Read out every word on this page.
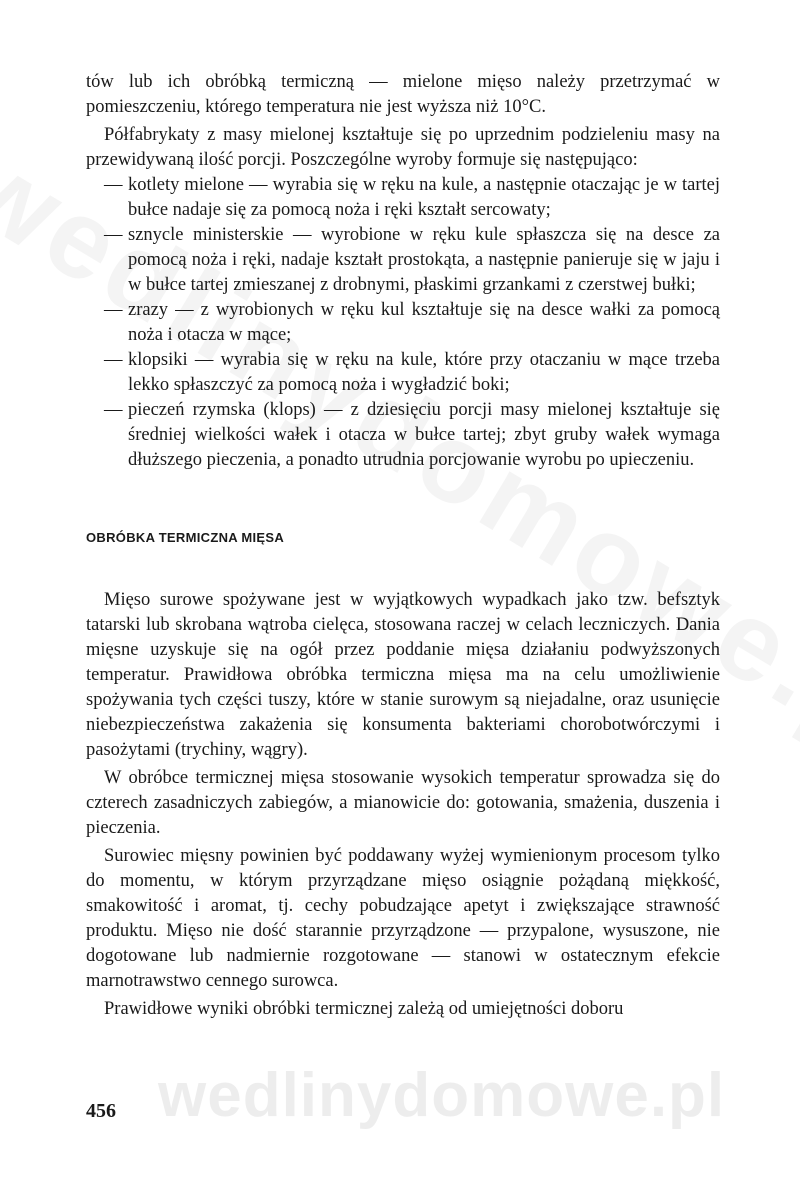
tów lub ich obróbką termiczną — mielone mięso należy przetrzymać w pomieszczeniu, którego temperatura nie jest wyższa niż 10°C.

Półfabrykaty z masy mielonej kształtuje się po uprzednim podzieleniu masy na przewidywaną ilość porcji. Poszczególne wyroby formuje się następująco:

— kotlety mielone — wyrabia się w ręku na kule, a następnie otaczając je w tartej bułce nadaje się za pomocą noża i ręki kształt sercowaty;
— sznycle ministerskie — wyrobione w ręku kule spłaszcza się na desce za pomocą noża i ręki, nadaje kształt prostokąta, a następnie panieruje się w jaju i w bułce tartej zmieszanej z drobnymi, płaskimi grzankami z czerstwej bułki;
— zrazy — z wyrobionych w ręku kul kształtuje się na desce wałki za pomocą noża i otacza w mące;
— klopsiki — wyrabia się w ręku na kule, które przy otaczaniu w mące trzeba lekko spłaszczyć za pomocą noża i wygładzić boki;
— pieczeń rzymska (klops) — z dziesięciu porcji masy mielonej kształtuje się średniej wielkości wałek i otacza w bułce tartej; zbyt gruby wałek wymaga dłuższego pieczenia, a ponadto utrudnia porcjowanie wyrobu po upieczeniu.
OBRÓBKA TERMICZNA MIĘSA

Mięso surowe spożywane jest w wyjątkowych wypadkach jako tzw. befsztyk tatarski lub skrobana wątroba cielęca, stosowana raczej w celach leczniczych. Dania mięsne uzyskuje się na ogół przez poddanie mięsa działaniu podwyższonych temperatur. Prawidłowa obróbka termiczna mięsa ma na celu umożliwienie spożywania tych części tuszy, które w stanie surowym są niejadalne, oraz usunięcie niebezpieczeństwa zakażenia się konsumenta bakteriami chorobotwórczymi i pasożytami (trychiny, wągry).

W obróbce termicznej mięsa stosowanie wysokich temperatur sprowadza się do czterech zasadniczych zabiegów, a mianowicie do: gotowania, smażenia, duszenia i pieczenia.

Surowiec mięsny powinien być poddawany wyżej wymienionym procesom tylko do momentu, w którym przyrządzane mięso osiągnie pożądaną miękkość, smakowitość i aromat, tj. cechy pobudzające apetyt i zwiększające strawność produktu. Mięso nie dość starannie przyrządzone — przypalone, wysuszone, nie dogotowane lub nadmiernie rozgotowane — stanowi w ostatecznym efekcie marnotrawstwo cennego surowca.

Prawidłowe wyniki obróbki termicznej zależą od umiejętności doboru

wedlinydomowe.pl
456
